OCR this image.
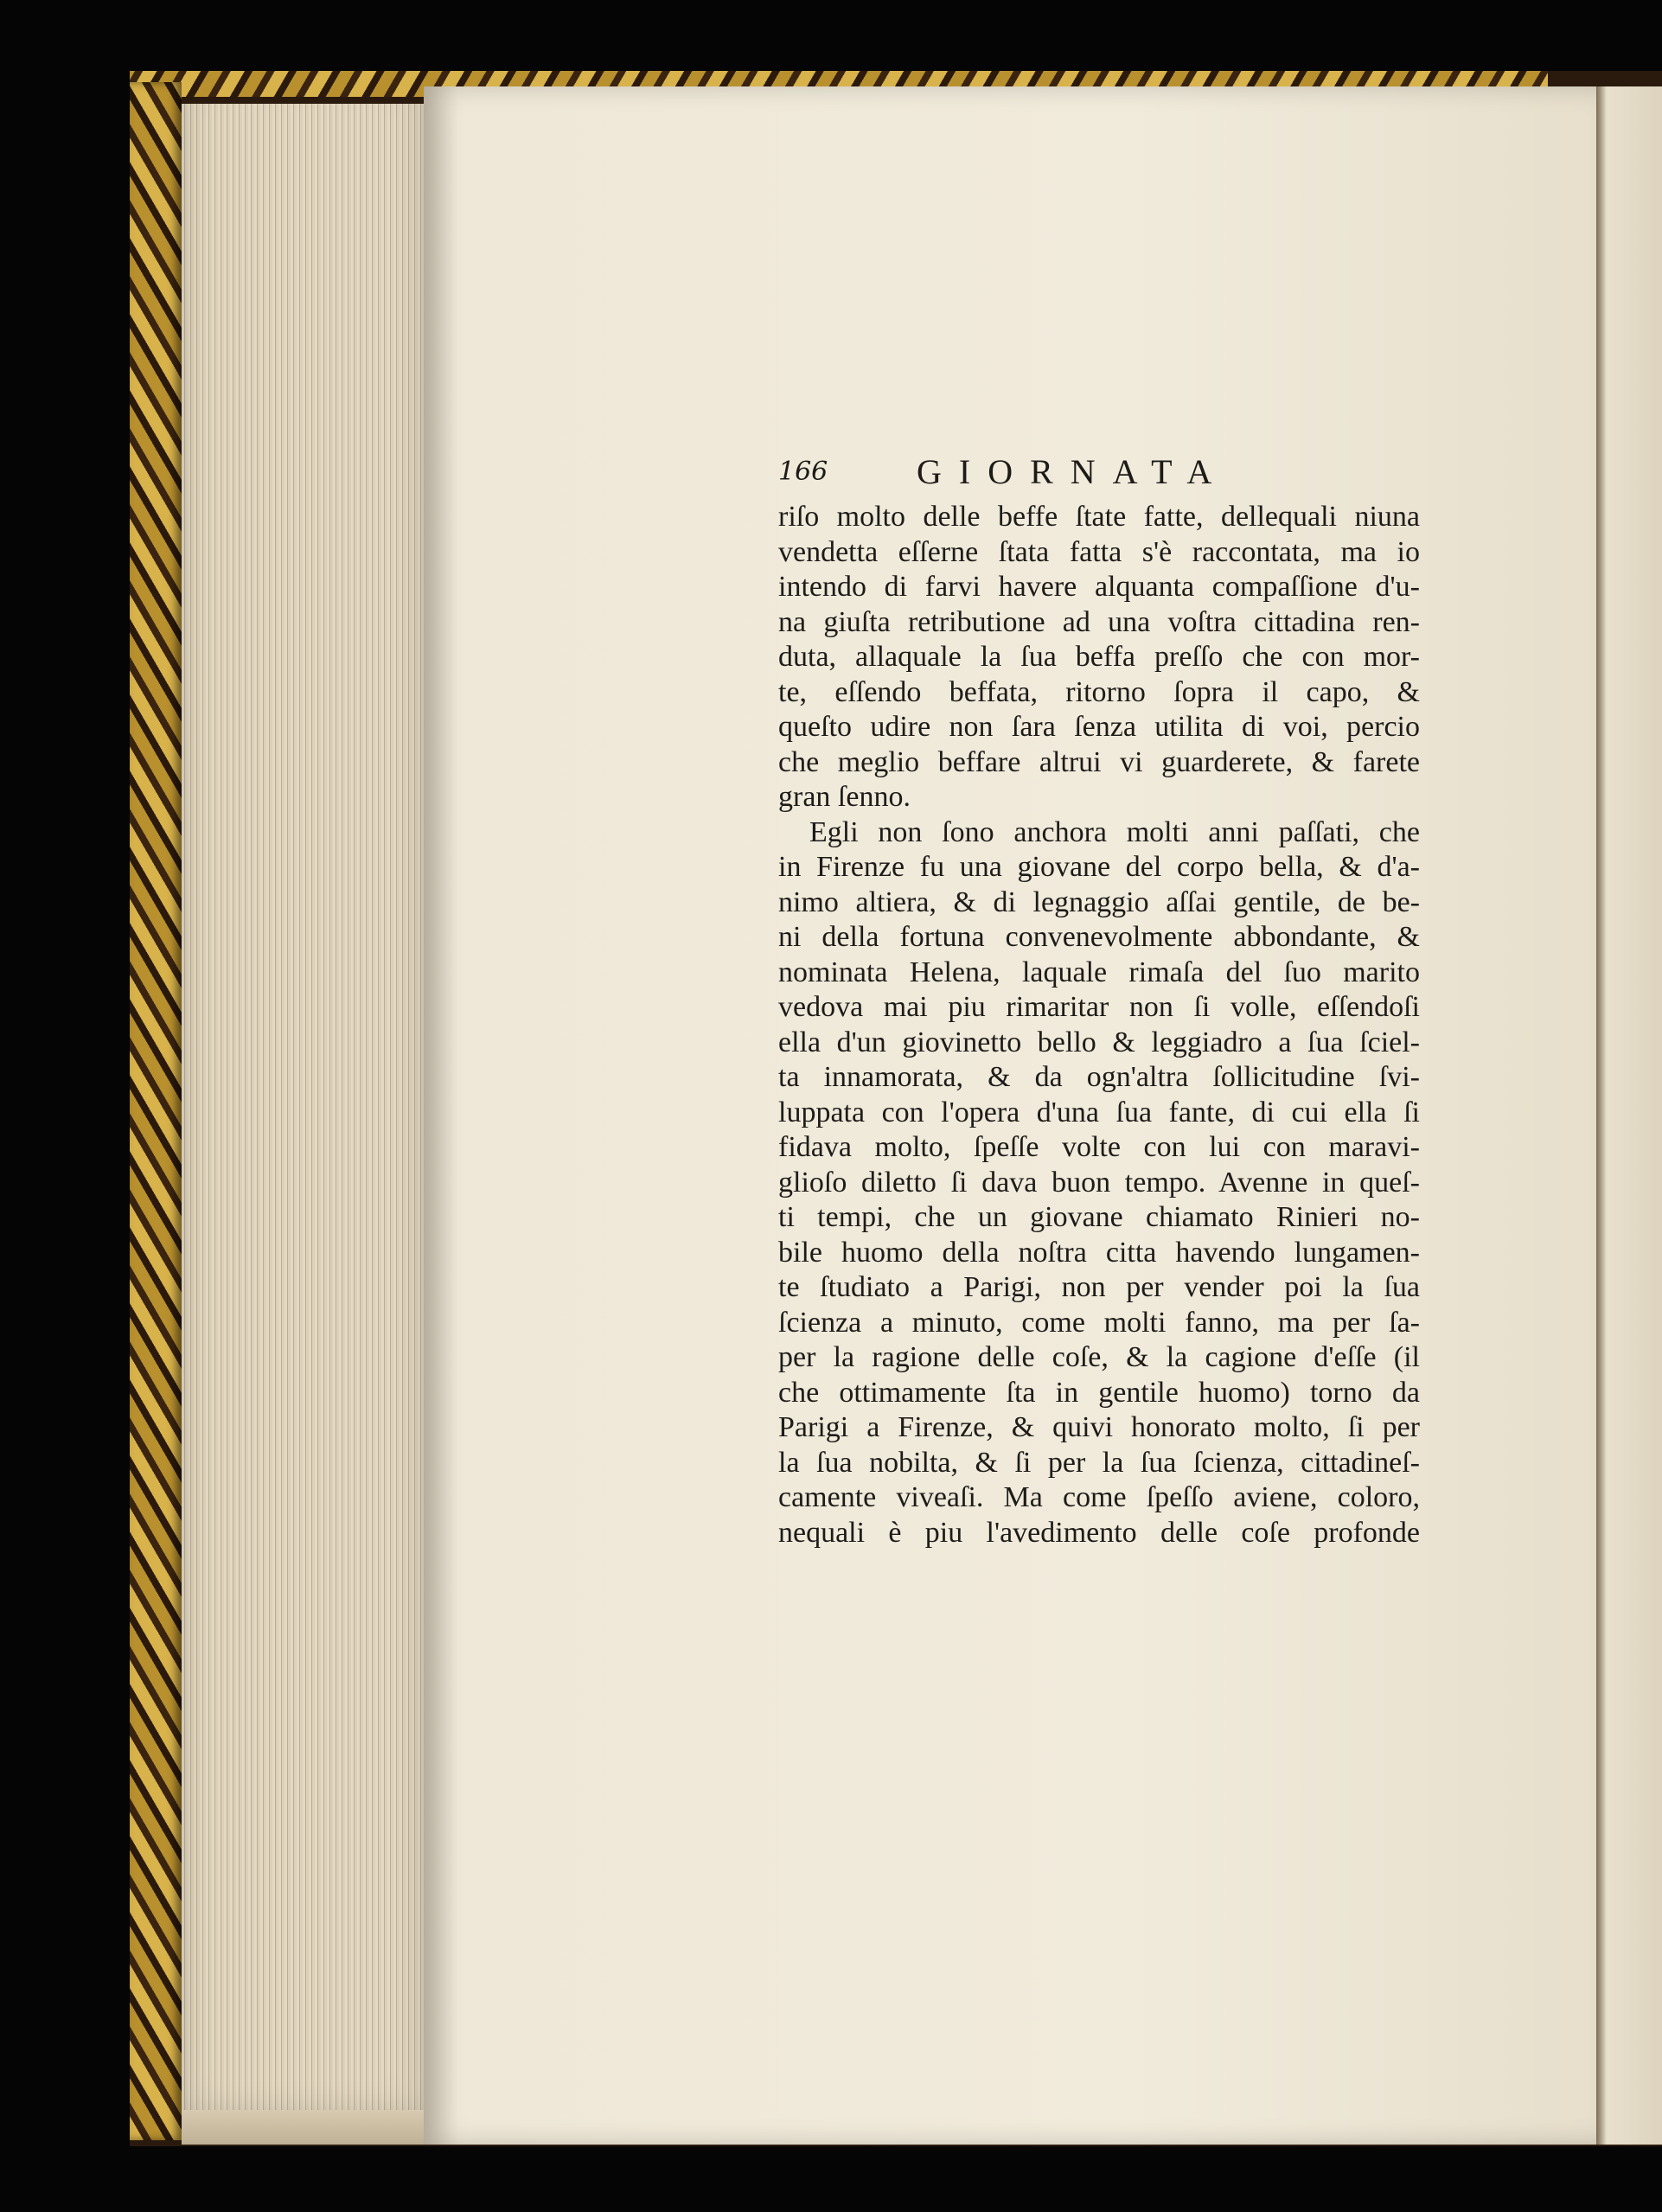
166	GIORNATA
riſo molto delle beffe ſtate fatte, dellequali niuna
vendetta eſſerne ſtata fatta s'è raccontata, ma io
intendo di farvi havere alquanta compaſſione d'u-
na giuſta retributione ad una voſtra cittadina ren-
duta, allaquale la ſua beffa preſſo che con mor-
te, eſſendo beffata, ritorno ſopra il capo, &
queſto udire non ſara ſenza utilita di voi, percio
che meglio beffare altrui vi guarderete, & farete
gran ſenno.
Egli non ſono anchora molti anni paſſati, che
in Firenze fu una giovane del corpo bella, & d'a-
nimo altiera, & di legnaggio aſſai gentile, de be-
ni della fortuna convenevolmente abbondante, &
nominata Helena, laquale rimaſa del ſuo marito
vedova mai piu rimaritar non ſi volle, eſſendoſi
ella d'un giovinetto bello & leggiadro a ſua ſciel-
ta innamorata, & da ogn'altra ſollicitudine ſvi-
luppata con l'opera d'una ſua fante, di cui ella ſi
fidava molto, ſpeſſe volte con lui con maravi-
glioſo diletto ſi dava buon tempo. Avenne in queſ-
ti tempi, che un giovane chiamato Rinieri no-
bile huomo della noſtra citta havendo lungamen-
te ſtudiato a Parigi, non per vender poi la ſua
ſcienza a minuto, come molti fanno, ma per ſa-
per la ragione delle coſe, & la cagione d'eſſe (il
che ottimamente ſta in gentile huomo) torno da
Parigi a Firenze, & quivi honorato molto, ſi per
la ſua nobilta, & ſi per la ſua ſcienza, cittadineſ-
camente viveaſi. Ma come ſpeſſo aviene, coloro,
nequali è piu l'avedimento delle coſe profonde
